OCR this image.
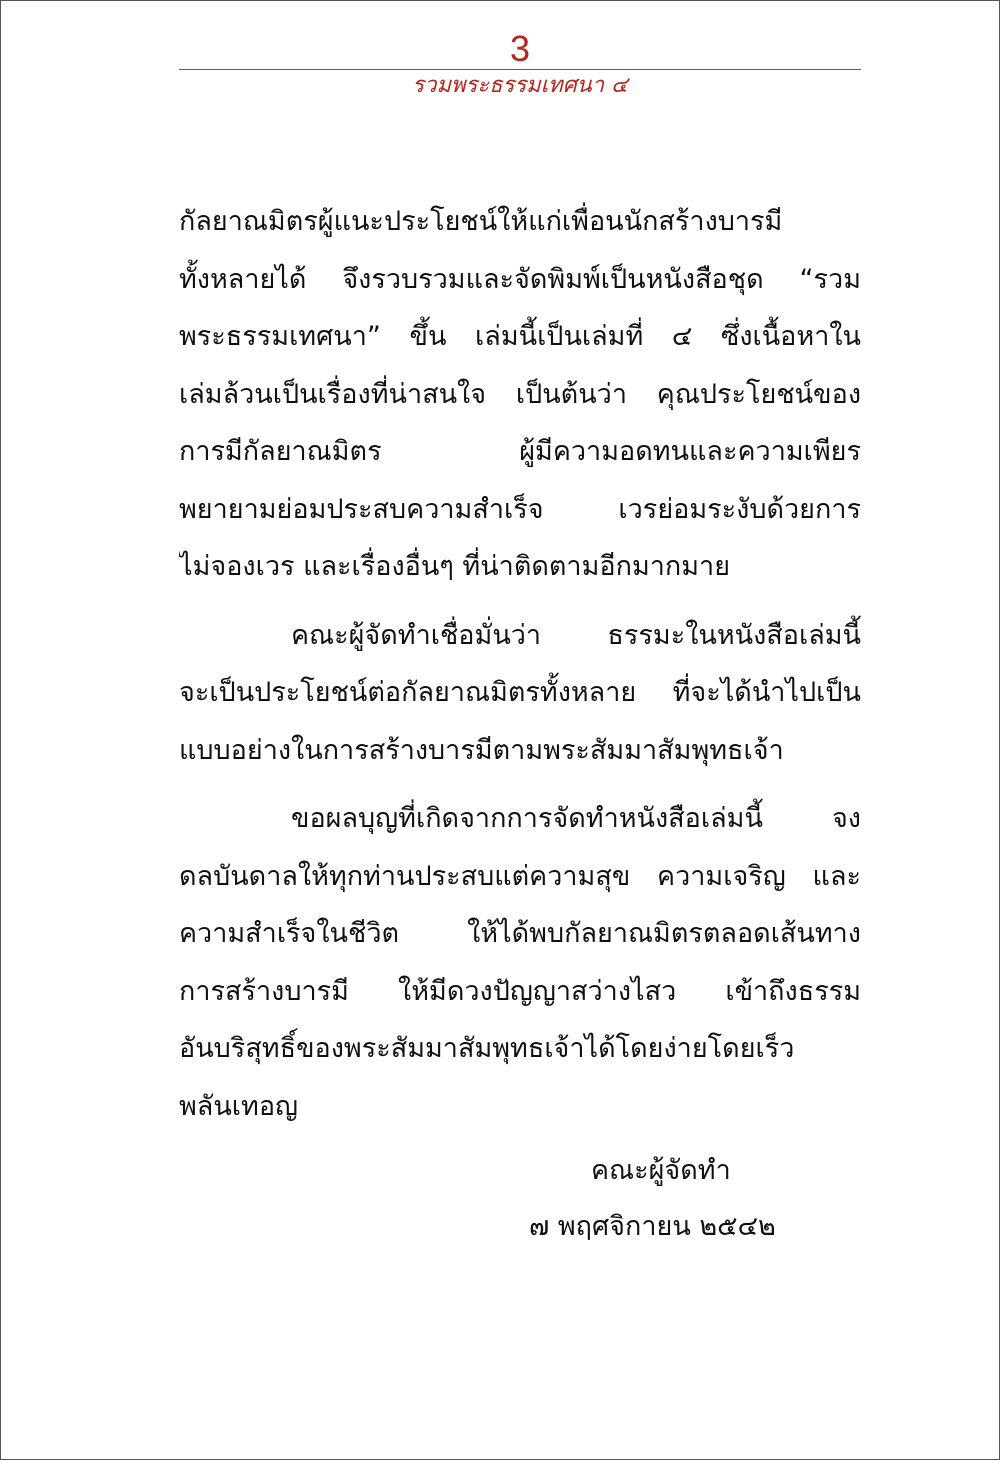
3
รวมพระธรรมเทศนา ๔
กัลยาณมิตรผู้แนะประโยชน์ให้แก่เพื่อนนักสร้างบารมี
ทั้งหลายได้ จึงรวบรวมและจัดพิมพ์เป็นหนังสือชุด “รวม
พระธรรมเทศนา” ขึ้น เล่มนี้เป็นเล่มที่ ๔ ซึ่งเนื้อหาใน
เล่มล้วนเป็นเรื่องที่น่าสนใจ เป็นต้นว่า คุณประโยชน์ของ
การมีกัลยาณมิตร ผู้มีความอดทนและความเพียร
พยายามย่อมประสบความสำเร็จ เวรย่อมระงับด้วยการ
ไม่จองเวร และเรื่องอื่นๆ ที่น่าติดตามอีกมากมาย
คณะผู้จัดทำเชื่อมั่นว่า ธรรมะในหนังสือเล่มนี้
จะเป็นประโยชน์ต่อกัลยาณมิตรทั้งหลาย ที่จะได้นำไปเป็น
แบบอย่างในการสร้างบารมีตามพระสัมมาสัมพุทธเจ้า
ขอผลบุญที่เกิดจากการจัดทำหนังสือเล่มนี้ จง
ดลบันดาลให้ทุกท่านประสบแต่ความสุข ความเจริญ และ
ความสำเร็จในชีวิต ให้ได้พบกัลยาณมิตรตลอดเส้นทาง
การสร้างบารมี ให้มีดวงปัญญาสว่างไสว เข้าถึงธรรม
อันบริสุทธิ์ของพระสัมมาสัมพุทธเจ้าได้โดยง่ายโดยเร็ว
พลันเทอญ
คณะผู้จัดทำ
๗ พฤศจิกายน ๒๕๔๒
